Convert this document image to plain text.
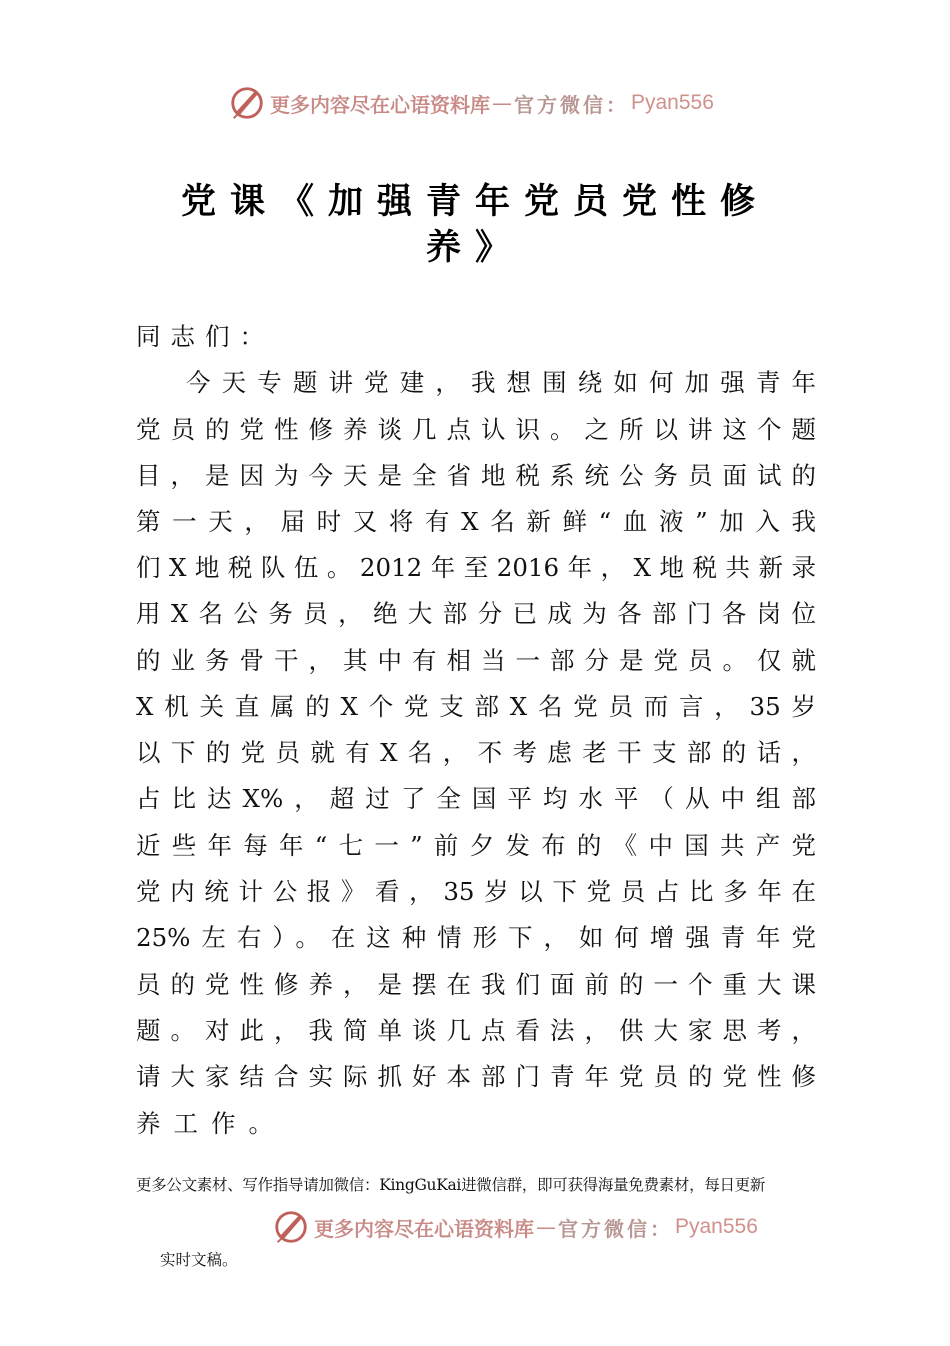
更多内容尽在心语资料库 — 官方微信： Pyan556
党课《加强青年党员党性修
养》
同志们：
今天专题讲党建，我想围绕如何加强青年
党员的党性修养谈几点认识。之所以讲这个题
目，是因为今天是全省地税系统公务员面试的
第一天，届时又将有X名新鲜“血液”加入我
们X地税队伍。2012年至2016年，X地税共新录
用X名公务员，绝大部分已成为各部门各岗位
的业务骨干，其中有相当一部分是党员。仅就
X机关直属的X个党支部X名党员而言，35岁
以下的党员就有X名，不考虑老干支部的话，
占比达X%，超过了全国平均水平（从中组部
近些年每年“七一”前夕发布的《中国共产党
党内统计公报》看，35岁以下党员占比多年在
25%左右）。在这种情形下，如何增强青年党
员的党性修养，是摆在我们面前的一个重大课
题。对此，我简单谈几点看法，供大家思考，
请大家结合实际抓好本部门青年党员的党性修
养工作。
更多公文素材、写作指导请加微信：KingGuKai进微信群，即可获得海量免费素材，每日更新
更多内容尽在心语资料库 — 官方微信： Pyan556
实时文稿。
